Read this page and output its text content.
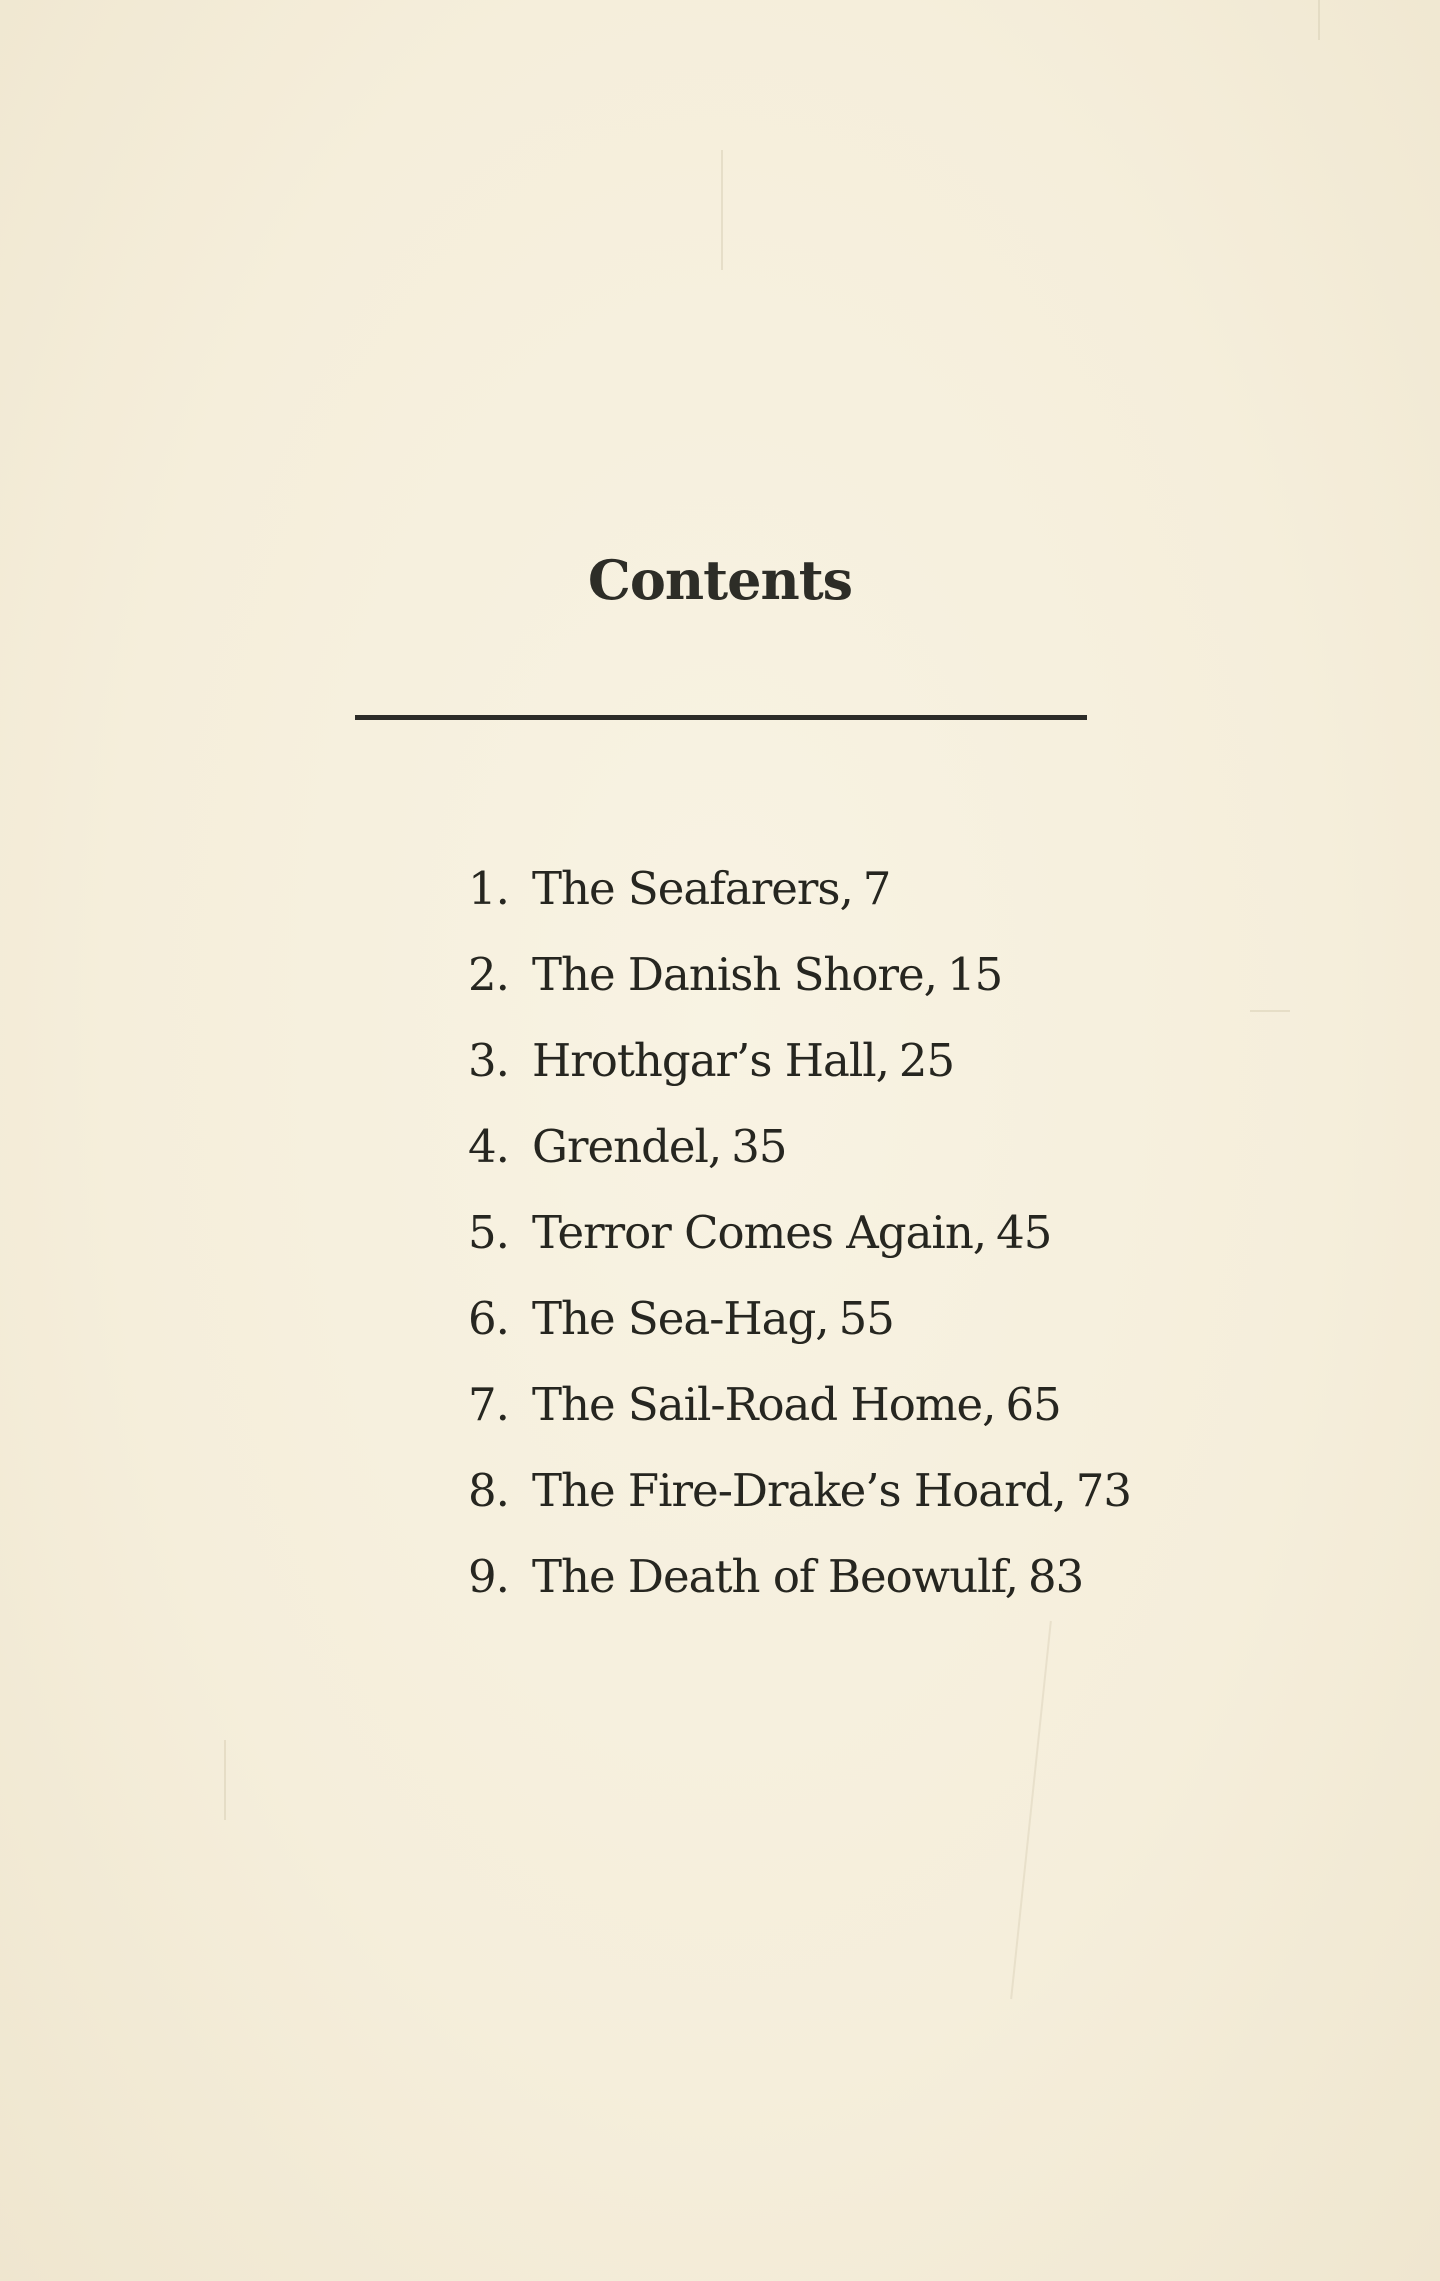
Contents
1. The Seafarers, 7
2. The Danish Shore, 15
3. Hrothgar’s Hall, 25
4. Grendel, 35
5. Terror Comes Again, 45
6. The Sea-Hag, 55
7. The Sail-Road Home, 65
8. The Fire-Drake’s Hoard, 73
9. The Death of Beowulf, 83
